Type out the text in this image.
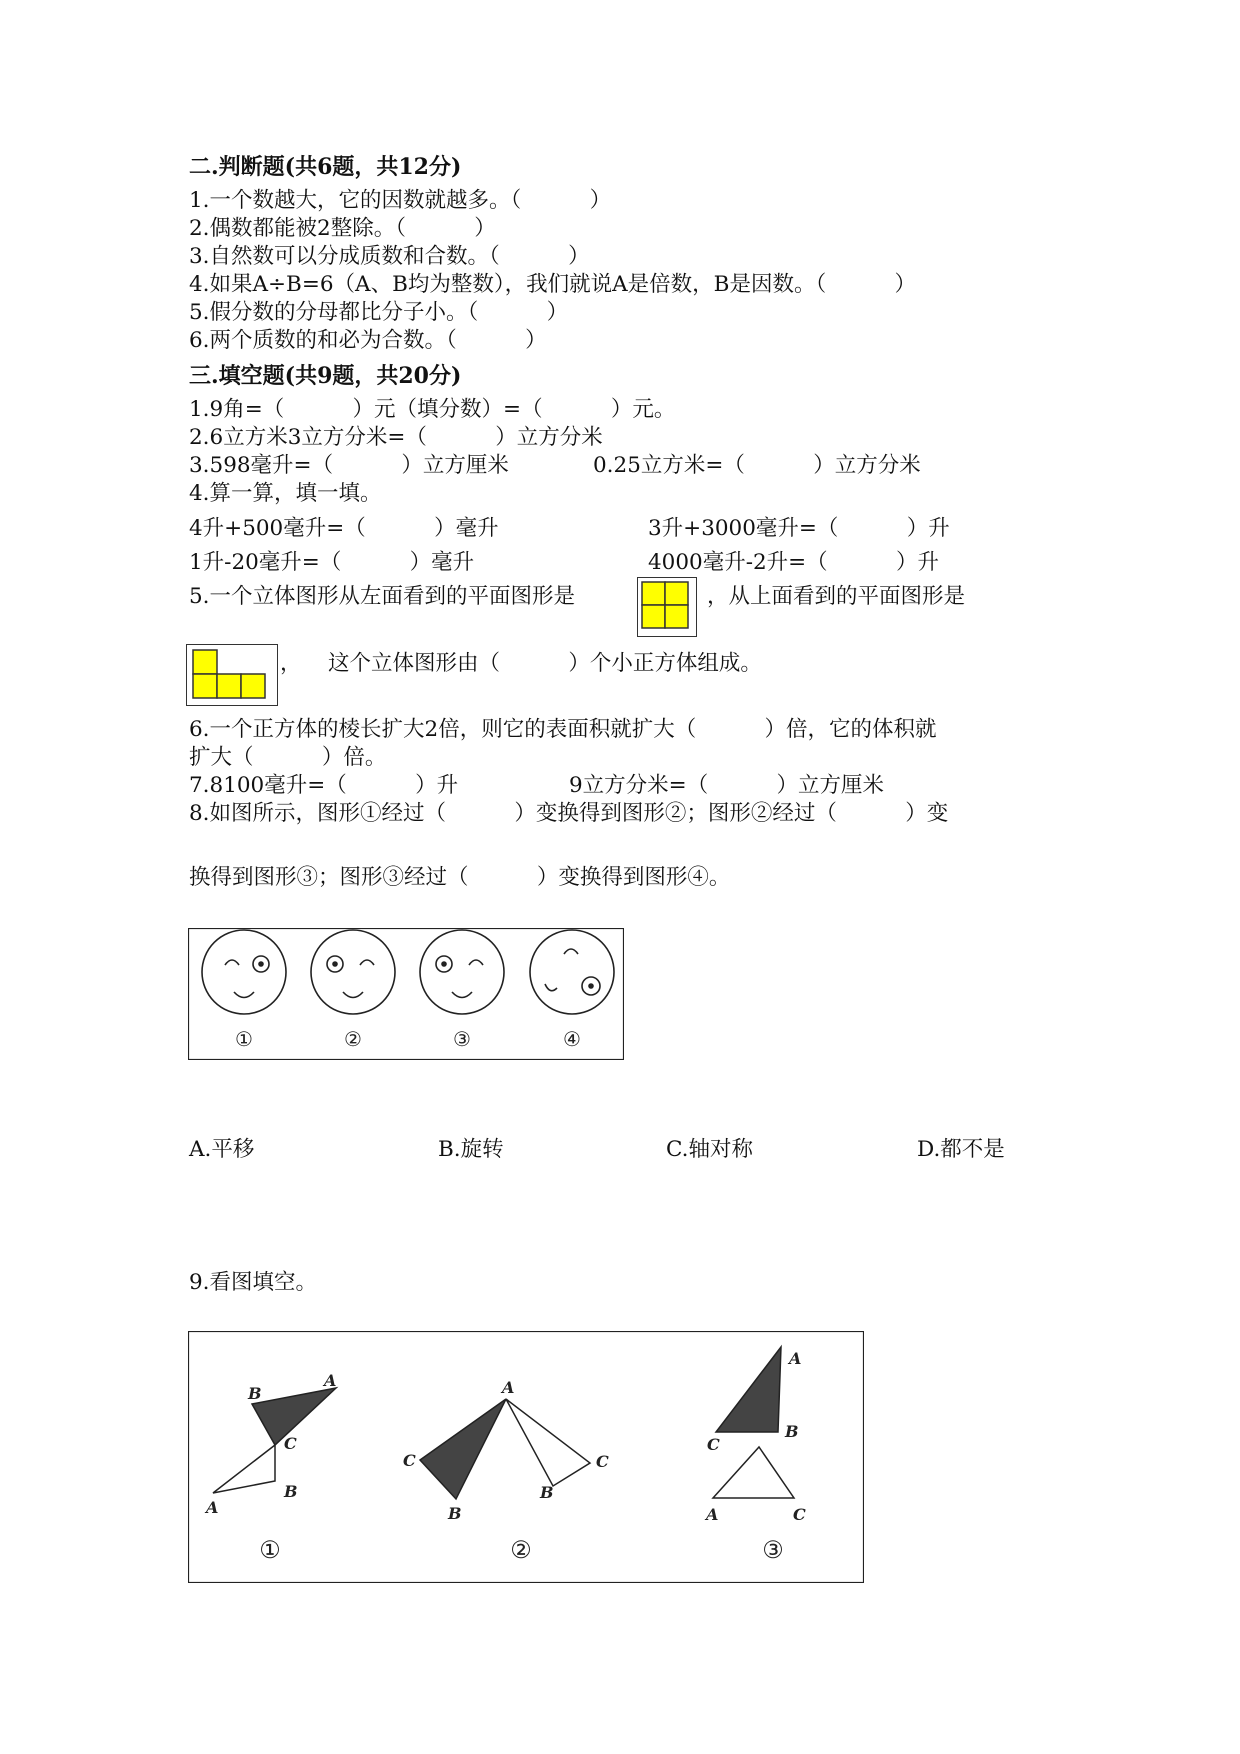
二.判断题(共6题，共12分)
1.一个数越大，它的因数就越多。（          ）
2.偶数都能被2整除。（          ）
3.自然数可以分成质数和合数。（          ）
4.如果A÷B=6（A、B均为整数），我们就说A是倍数，B是因数。（          ）
5.假分数的分母都比分子小。（          ）
6.两个质数的和必为合数。（          ）
三.填空题(共9题，共20分)
1.9角=（          ）元（填分数）=（          ）元。
2.6立方米3立方分米=（          ）立方分米
3.598毫升=（          ）立方厘米	0.25立方米=（          ）立方分米
4.算一算，填一填。
4升+500毫升=（          ）毫升	3升+3000毫升=（          ）升
1升-20毫升=（          ）毫升	4000毫升-2升=（          ）升
5.一个立体图形从左面看到的平面图形是	，从上面看到的平面图形是
， 这个立体图形由（          ）个小正方体组成。
6.一个正方体的棱长扩大2倍，则它的表面积就扩大（          ）倍，它的体积就
扩大（          ）倍。
7.8100毫升=（          ）升	9立方分米=（          ）立方厘米
8.如图所示，图形①经过（          ）变换得到图形②；图形②经过（          ）变
换得到图形③；图形③经过（          ）变换得到图形④。
①	②	③	④
A.平移	B.旋转	C.轴对称	D.都不是
9.看图填空。
A
B
C
A
B
①
A
C
B
B
C
②
A
B
C
A	C
③
